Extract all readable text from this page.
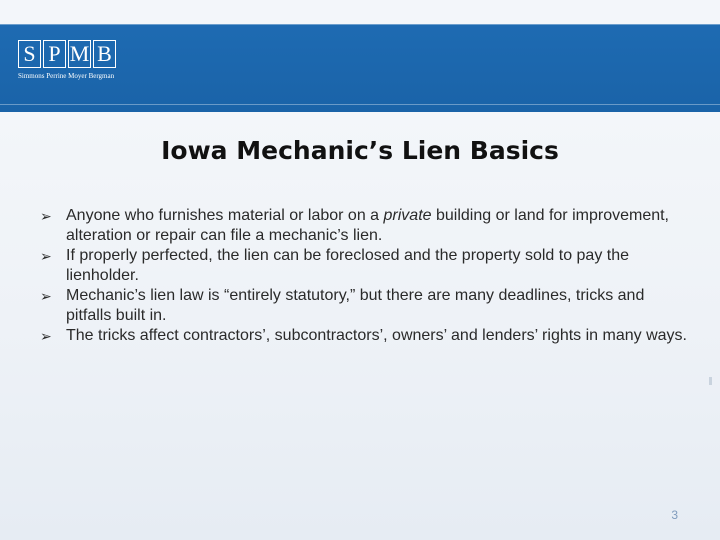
S P M B
Simmons Perrine Moyer Bergman
Iowa Mechanic’s Lien Basics
➢ Anyone who furnishes material or labor on a private building or land for improvement, alteration or repair can file a mechanic’s lien.
➢ If properly perfected, the lien can be foreclosed and the property sold to pay the lienholder.
➢ Mechanic’s lien law is “entirely statutory,” but there are many deadlines, tricks and pitfalls built in.
➢ The tricks affect contractors’, subcontractors’, owners’ and lenders’ rights in many ways.
3
